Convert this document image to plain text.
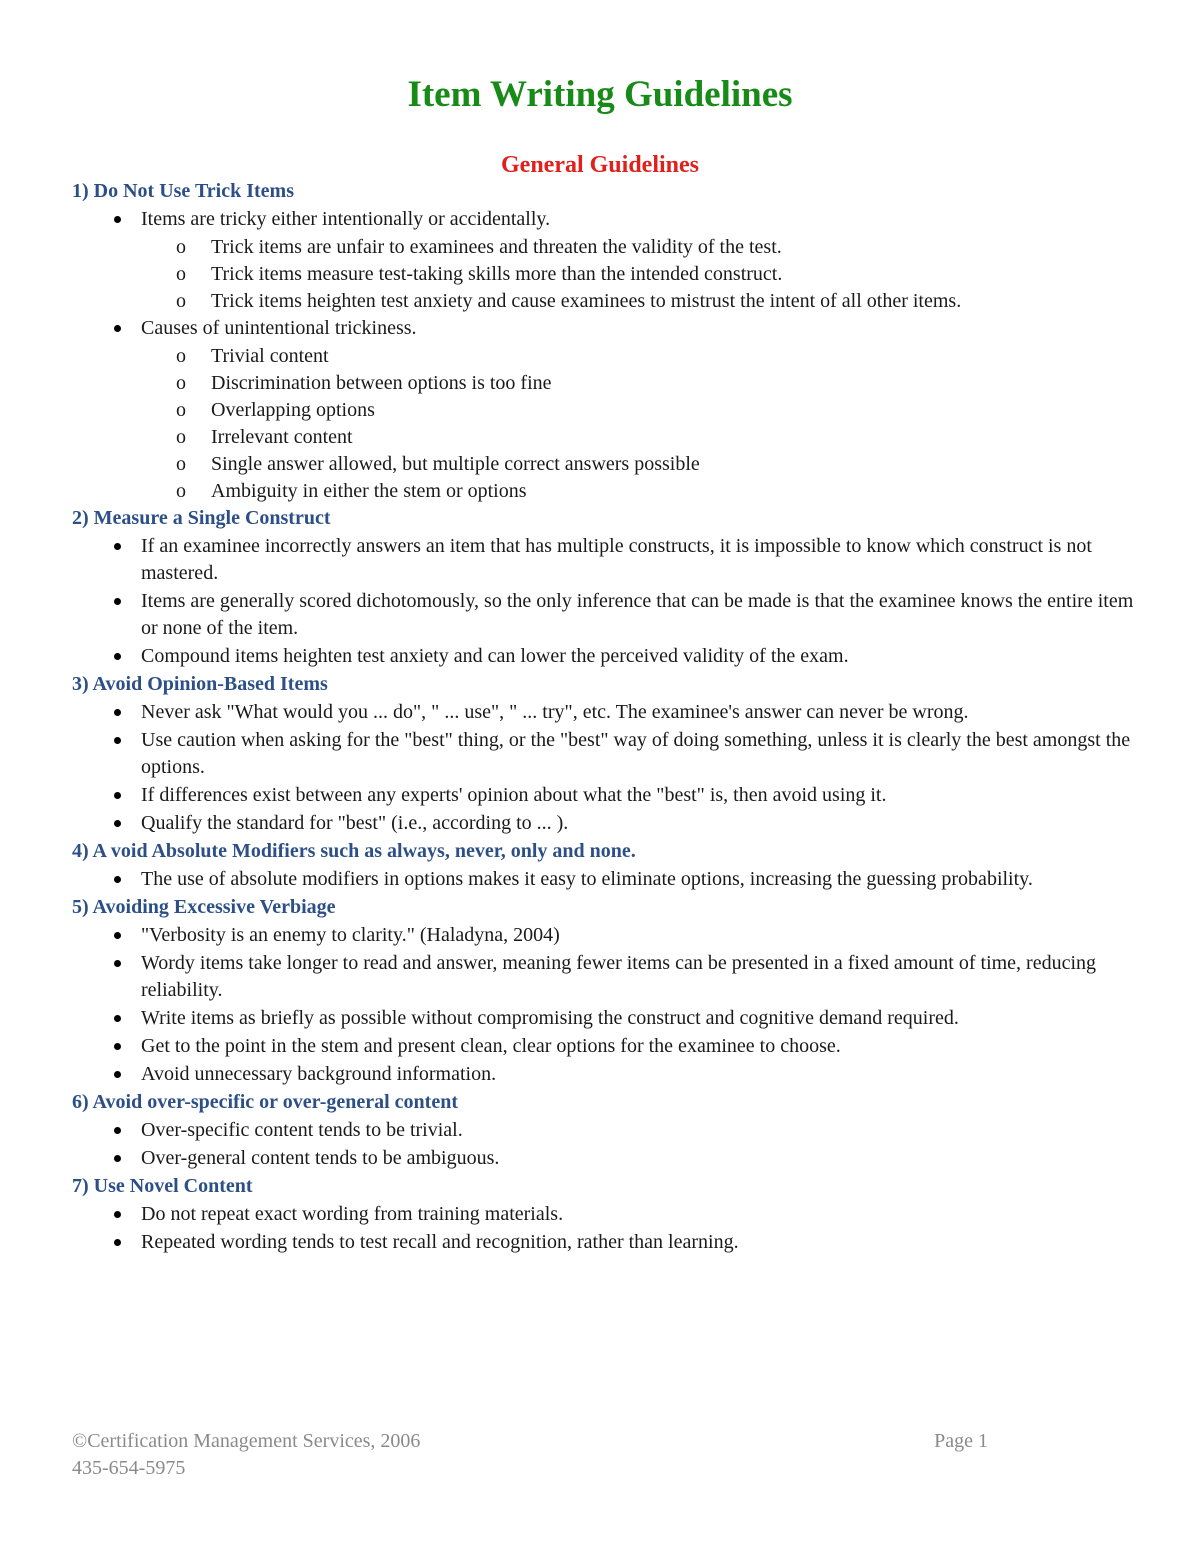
Item Writing Guidelines
General Guidelines
1) Do Not Use Trick Items
Items are tricky either intentionally or accidentally.
o Trick items are unfair to examinees and threaten the validity of the test.
o Trick items measure test-taking skills more than the intended construct.
o Trick items heighten test anxiety and cause examinees to mistrust the intent of all other items.
Causes of unintentional trickiness.
o Trivial content
o Discrimination between options is too fine
o Overlapping options
o Irrelevant content
o Single answer allowed, but multiple correct answers possible
o Ambiguity in either the stem or options
2) Measure a Single Construct
If an examinee incorrectly answers an item that has multiple constructs, it is impossible to know which construct is not mastered.
Items are generally scored dichotomously, so the only inference that can be made is that the examinee knows the entire item or none of the item.
Compound items heighten test anxiety and can lower the perceived validity of the exam.
3) Avoid Opinion-Based Items
Never ask "What would you ... do", " ... use", " ... try", etc. The examinee's answer can never be wrong.
Use caution when asking for the "best" thing, or the "best" way of doing something, unless it is clearly the best amongst the options.
If differences exist between any experts' opinion about what the "best" is, then avoid using it.
Qualify the standard for "best" (i.e., according to ... ).
4) A void Absolute Modifiers such as always, never, only and none.
The use of absolute modifiers in options makes it easy to eliminate options, increasing the guessing probability.
5) Avoiding Excessive Verbiage
"Verbosity is an enemy to clarity." (Haladyna, 2004)
Wordy items take longer to read and answer, meaning fewer items can be presented in a fixed amount of time, reducing reliability.
Write items as briefly as possible without compromising the construct and cognitive demand required.
Get to the point in the stem and present clean, clear options for the examinee to choose.
Avoid unnecessary background information.
6) Avoid over-specific or over-general content
Over-specific content tends to be trivial.
Over-general content tends to be ambiguous.
7) Use Novel Content
Do not repeat exact wording from training materials.
Repeated wording tends to test recall and recognition, rather than learning.
©Certification Management Services, 2006
435-654-5975
Page 1
